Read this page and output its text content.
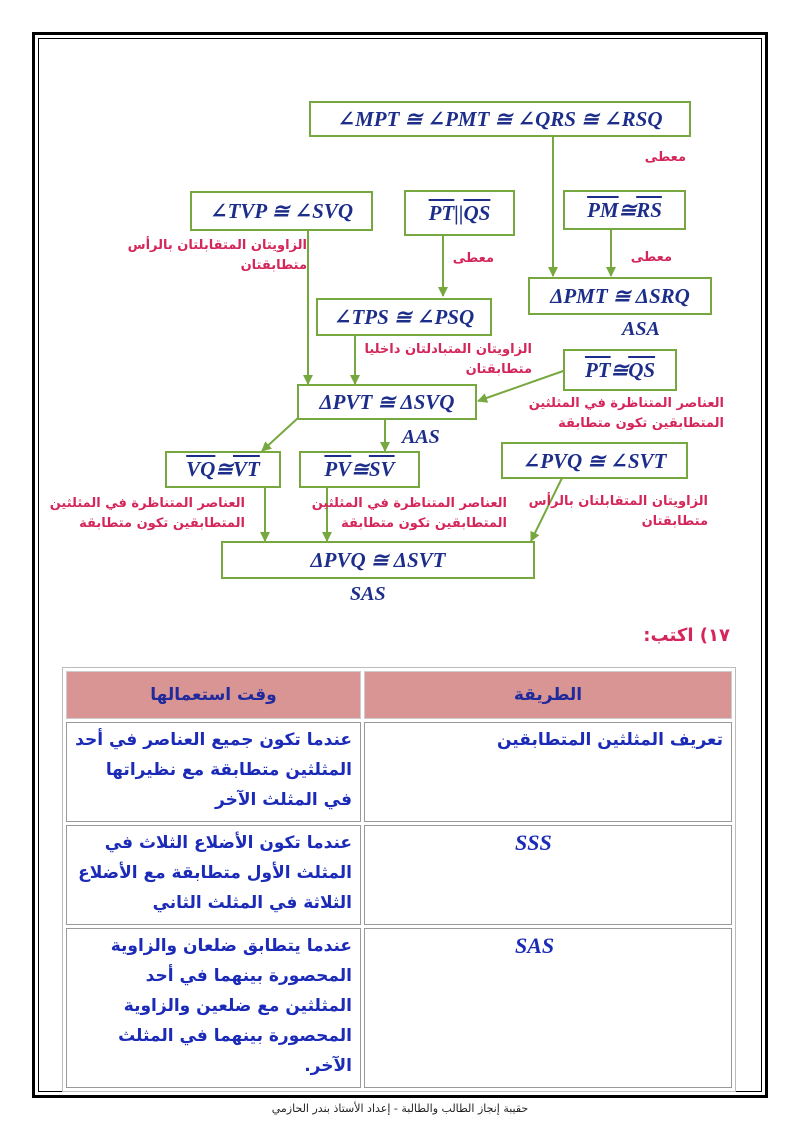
∠MPT ≅ ∠PMT ≅ ∠QRS ≅ ∠RSQ
معطى
∠TVP ≅ ∠SVQ	$\overline{PT}$ || $\overline{QS}$	$\overline{PM}$ ≅ $\overline{RS}$
الزاويتان المتقابلتان بالرأس
متطابقتان	معطى	معطى
ΔPMT ≅ ΔSRQ
ASA
∠TPS ≅ ∠PSQ
الزاويتان المتبادلتان داخليا
متطابقتان	$\overline{PT}$ ≅ $\overline{QS}$
ΔPVT ≅ ΔSVQ
AAS
العناصر المتناظرة في المثلثين
المتطابقين تكون متطابقة
$\overline{VQ}$ ≅ $\overline{VT}$	$\overline{PV}$ ≅ $\overline{SV}$	∠PVQ ≅ ∠SVT
العناصر المتناظرة في المثلثين
المتطابقين تكون متطابقة
العناصر المتناظرة في المثلثين
المتطابقين تكون متطابقة
الزاويتان المتقابلتان بالرأس
متطابقتان
ΔPVQ ≅ ΔSVT
SAS
١٧) اكتب:
الطريقة	وقت استعمالها
تعريف المثلثين المتطابقين	عندما تكون جميع العناصر في أحد المثلثين متطابقة مع نظيراتها في المثلث الآخر
SSS	عندما تكون الأضلاع الثلاث في المثلث الأول متطابقة مع الأضلاع الثلاثة في المثلث الثاني
SAS	عندما يتطابق ضلعان والزاوية المحصورة بينهما في أحد المثلثين مع ضلعين والزاوية المحصورة بينهما في المثلث الآخر.
حقيبة إنجاز الطالب والطالبة - إعداد الأستاذ بندر الحازمي
